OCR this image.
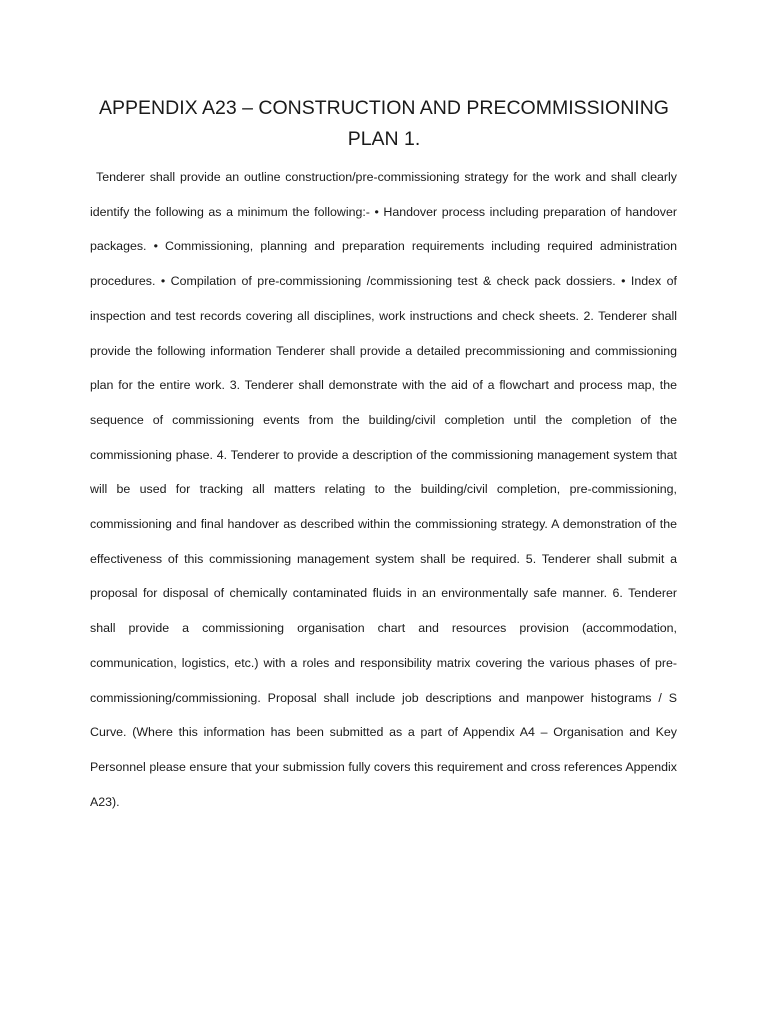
APPENDIX A23 – CONSTRUCTION AND PRECOMMISSIONING PLAN 1.

Tenderer shall provide an outline construction/pre-commissioning strategy for the work and shall clearly identify the following as a minimum the following:- • Handover process including preparation of handover packages. • Commissioning, planning and preparation requirements including required administration procedures. • Compilation of pre-commissioning /commissioning test & check pack dossiers. • Index of inspection and test records covering all disciplines, work instructions and check sheets. 2. Tenderer shall provide the following information Tenderer shall provide a detailed precommissioning and commissioning plan for the entire work. 3. Tenderer shall demonstrate with the aid of a flowchart and process map, the sequence of commissioning events from the building/civil completion until the completion of the commissioning phase. 4. Tenderer to provide a description of the commissioning management system that will be used for tracking all matters relating to the building/civil completion, pre-commissioning, commissioning and final handover as described within the commissioning strategy. A demonstration of the effectiveness of this commissioning management system shall be required. 5. Tenderer shall submit a proposal for disposal of chemically contaminated fluids in an environmentally safe manner. 6. Tenderer shall provide a commissioning organisation chart and resources provision (accommodation, communication, logistics, etc.) with a roles and responsibility matrix covering the various phases of pre-commissioning/commissioning. Proposal shall include job descriptions and manpower histograms / S Curve. (Where this information has been submitted as a part of Appendix A4 – Organisation and Key Personnel please ensure that your submission fully covers this requirement and cross references Appendix A23).
